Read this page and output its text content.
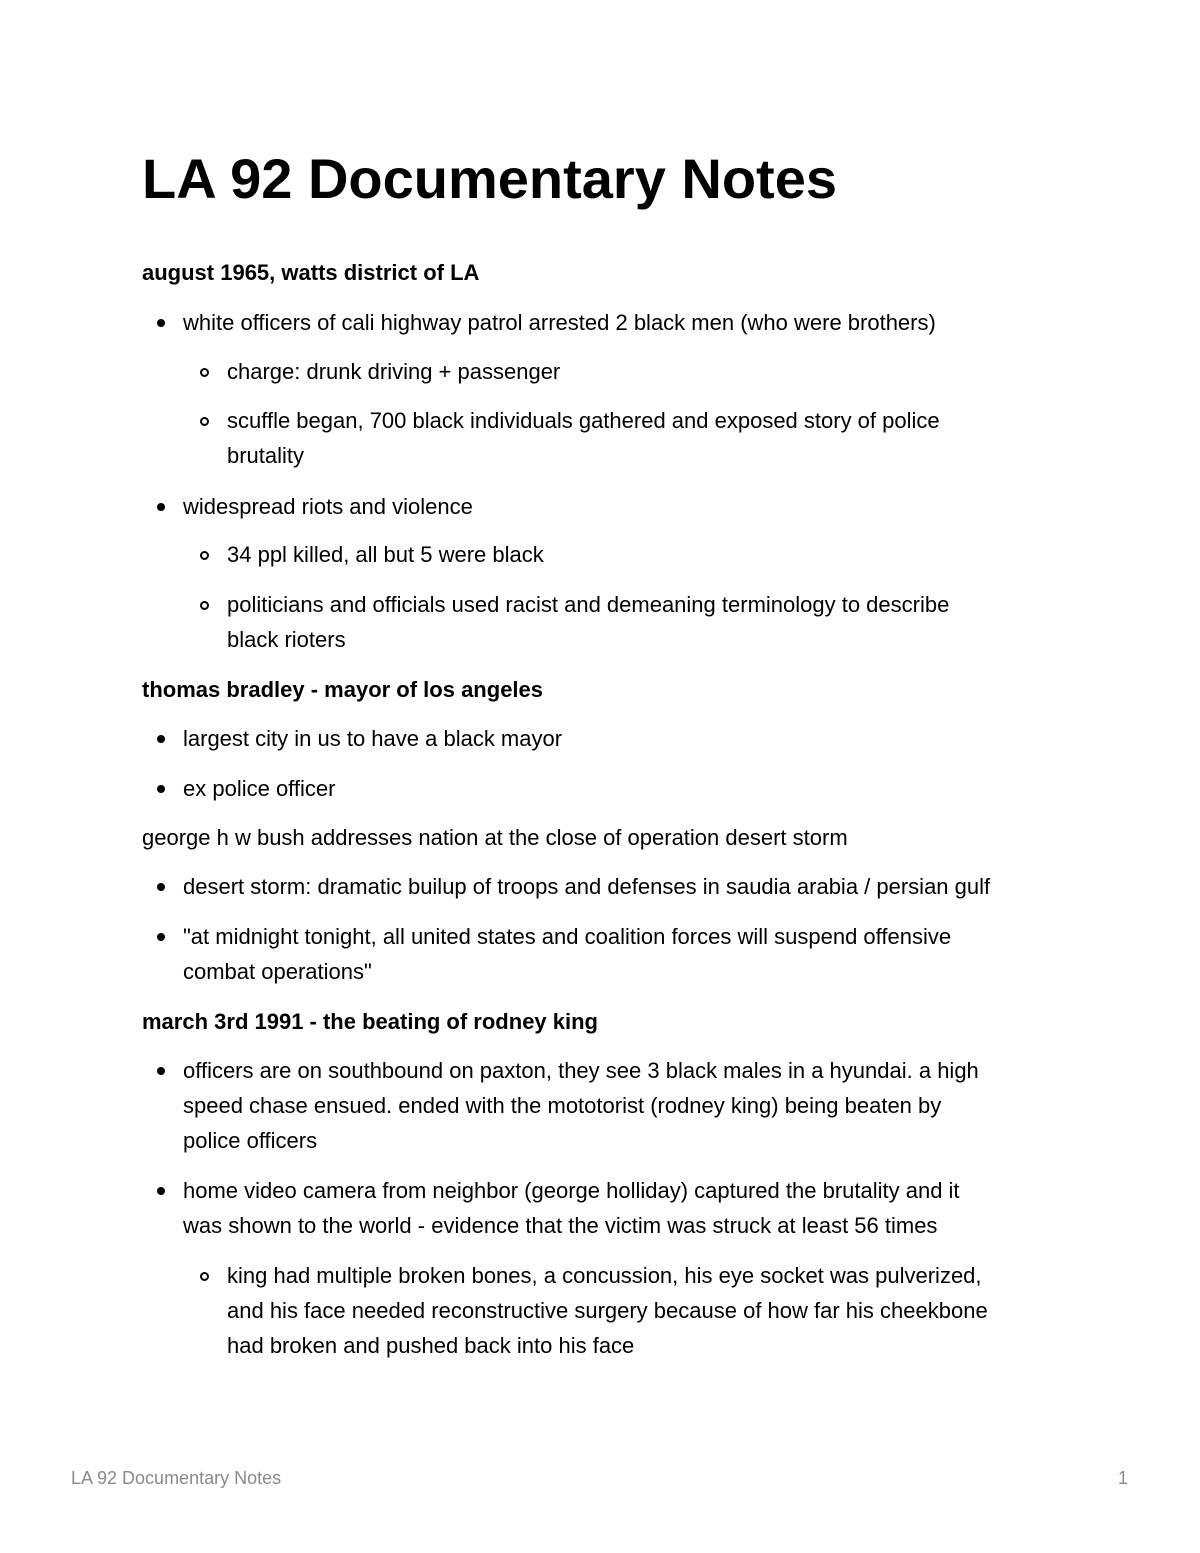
LA 92 Documentary Notes
august 1965, watts district of LA
white officers of cali highway patrol arrested 2 black men (who were brothers)
charge: drunk driving + passenger
scuffle began, 700 black individuals gathered and exposed story of police
brutality
widespread riots and violence
34 ppl killed, all but 5 were black
politicians and officials used racist and demeaning terminology to describe
black rioters
thomas bradley - mayor of los angeles
largest city in us to have a black mayor
ex police officer
george h w bush addresses nation at the close of operation desert storm
desert storm: dramatic builup of troops and defenses in saudia arabia / persian gulf
"at midnight tonight, all united states and coalition forces will suspend offensive
combat operations"
march 3rd 1991 - the beating of rodney king
officers are on southbound on paxton, they see 3 black males in a hyundai. a high
speed chase ensued. ended with the mototorist (rodney king) being beaten by
police officers
home video camera from neighbor (george holliday) captured the brutality and it
was shown to the world - evidence that the victim was struck at least 56 times
king had multiple broken bones, a concussion, his eye socket was pulverized,
and his face needed reconstructive surgery because of how far his cheekbone
had broken and pushed back into his face
LA 92 Documentary Notes	1
